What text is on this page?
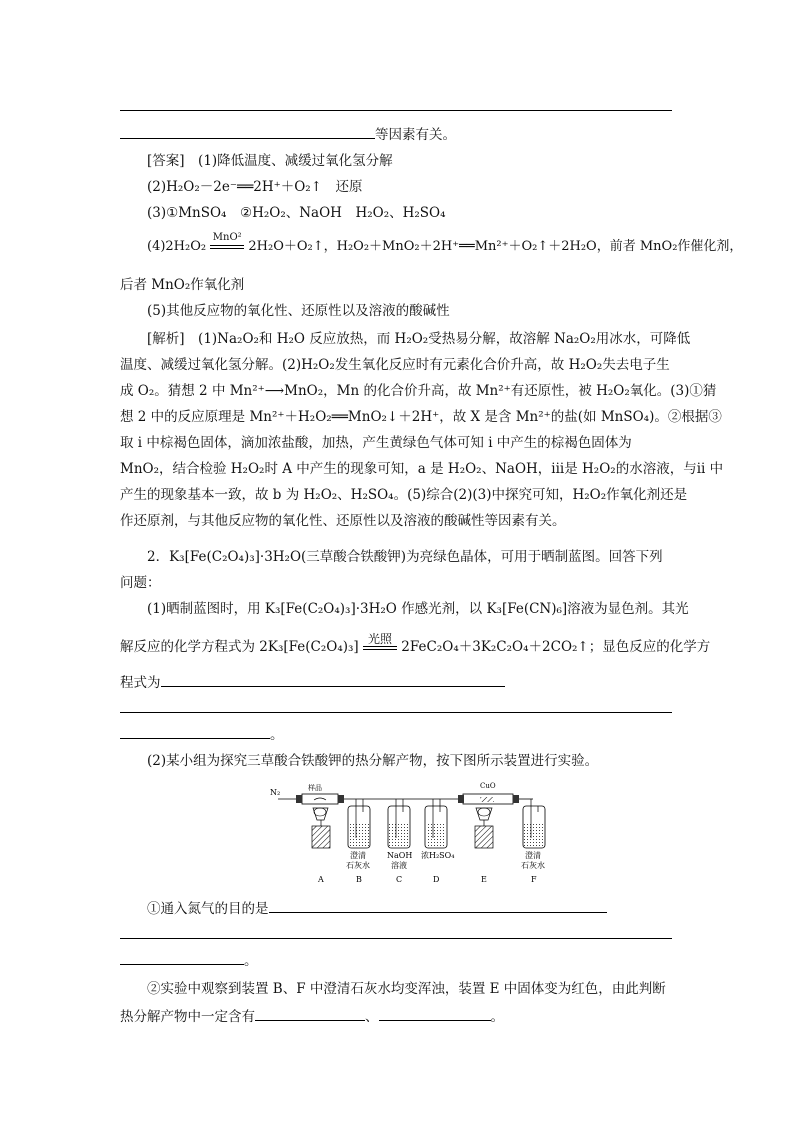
等因素有关。
[答案]　 (1)降低温度、减缓过氧化氢分解
(2)H₂O₂－2e⁻══2H⁺＋O₂↑　还原
(3)①MnSO₄　②H₂O₂、NaOH　H₂O₂、H₂SO₄
(4)2H₂O₂
MnO²
2H₂O＋O₂↑，H₂O₂＋MnO₂＋2H⁺══Mn²⁺＋O₂↑＋2H₂O，前者 MnO₂作催化剂，
后者 MnO₂作氧化剂
(5)其他反应物的氧化性、还原性以及溶液的酸碱性
[解析]　 (1)Na₂O₂和 H₂O 反应放热，而 H₂O₂受热易分解，故溶解 Na₂O₂用冰水，可降低
温度、减缓过氧化氢分解。(2)H₂O₂发生氧化反应时有元素化合价升高，故 H₂O₂失去电子生
成 O₂。猜想 2 中 Mn²⁺⟶MnO₂，Mn 的化合价升高，故 Mn²⁺有还原性，被 H₂O₂氧化。(3)①猜
想 2 中的反应原理是 Mn²⁺＋H₂O₂══MnO₂↓＋2H⁺，故 X 是含 Mn²⁺的盐(如 MnSO₄)。②根据③
取 i 中棕褐色固体，滴加浓盐酸，加热，产生黄绿色气体可知 i 中产生的棕褐色固体为
MnO₂，结合检验 H₂O₂时 A 中产生的现象可知，a 是 H₂O₂、NaOH，iii是 H₂O₂的水溶液，与ii 中
产生的现象基本一致，故 b 为 H₂O₂、H₂SO₄。(5)综合(2)(3)中探究可知，H₂O₂作氧化剂还是
作还原剂，与其他反应物的氧化性、还原性以及溶液的酸碱性等因素有关。
2．K₃[Fe(C₂O₄)₃]·3H₂O(三草酸合铁酸钾)为亮绿色晶体，可用于晒制蓝图。回答下列
问题：
(1)晒制蓝图时，用 K₃[Fe(C₂O₄)₃]·3H₂O 作感光剂，以 K₃[Fe(CN)₆]溶液为显色剂。其光
解反应的化学方程式为 2K₃[Fe(C₂O₄)₃]
光照
2FeC₂O₄＋3K₂C₂O₄＋2CO₂↑；显色反应的化学方
程式为
。
(2)某小组为探究三草酸合铁酸钾的热分解产物，按下图所示装置进行实验。
N₂	样品	CuO
澄清
石灰水
NaOH
溶液
浓H₂SO₄	澄清
石灰水
A	B	C	D	E	F
①通入氮气的目的是
。
②实验中观察到装置 B、F 中澄清石灰水均变浑浊，装置 E 中固体变为红色，由此判断
热分解产物中一定含有	、	。
